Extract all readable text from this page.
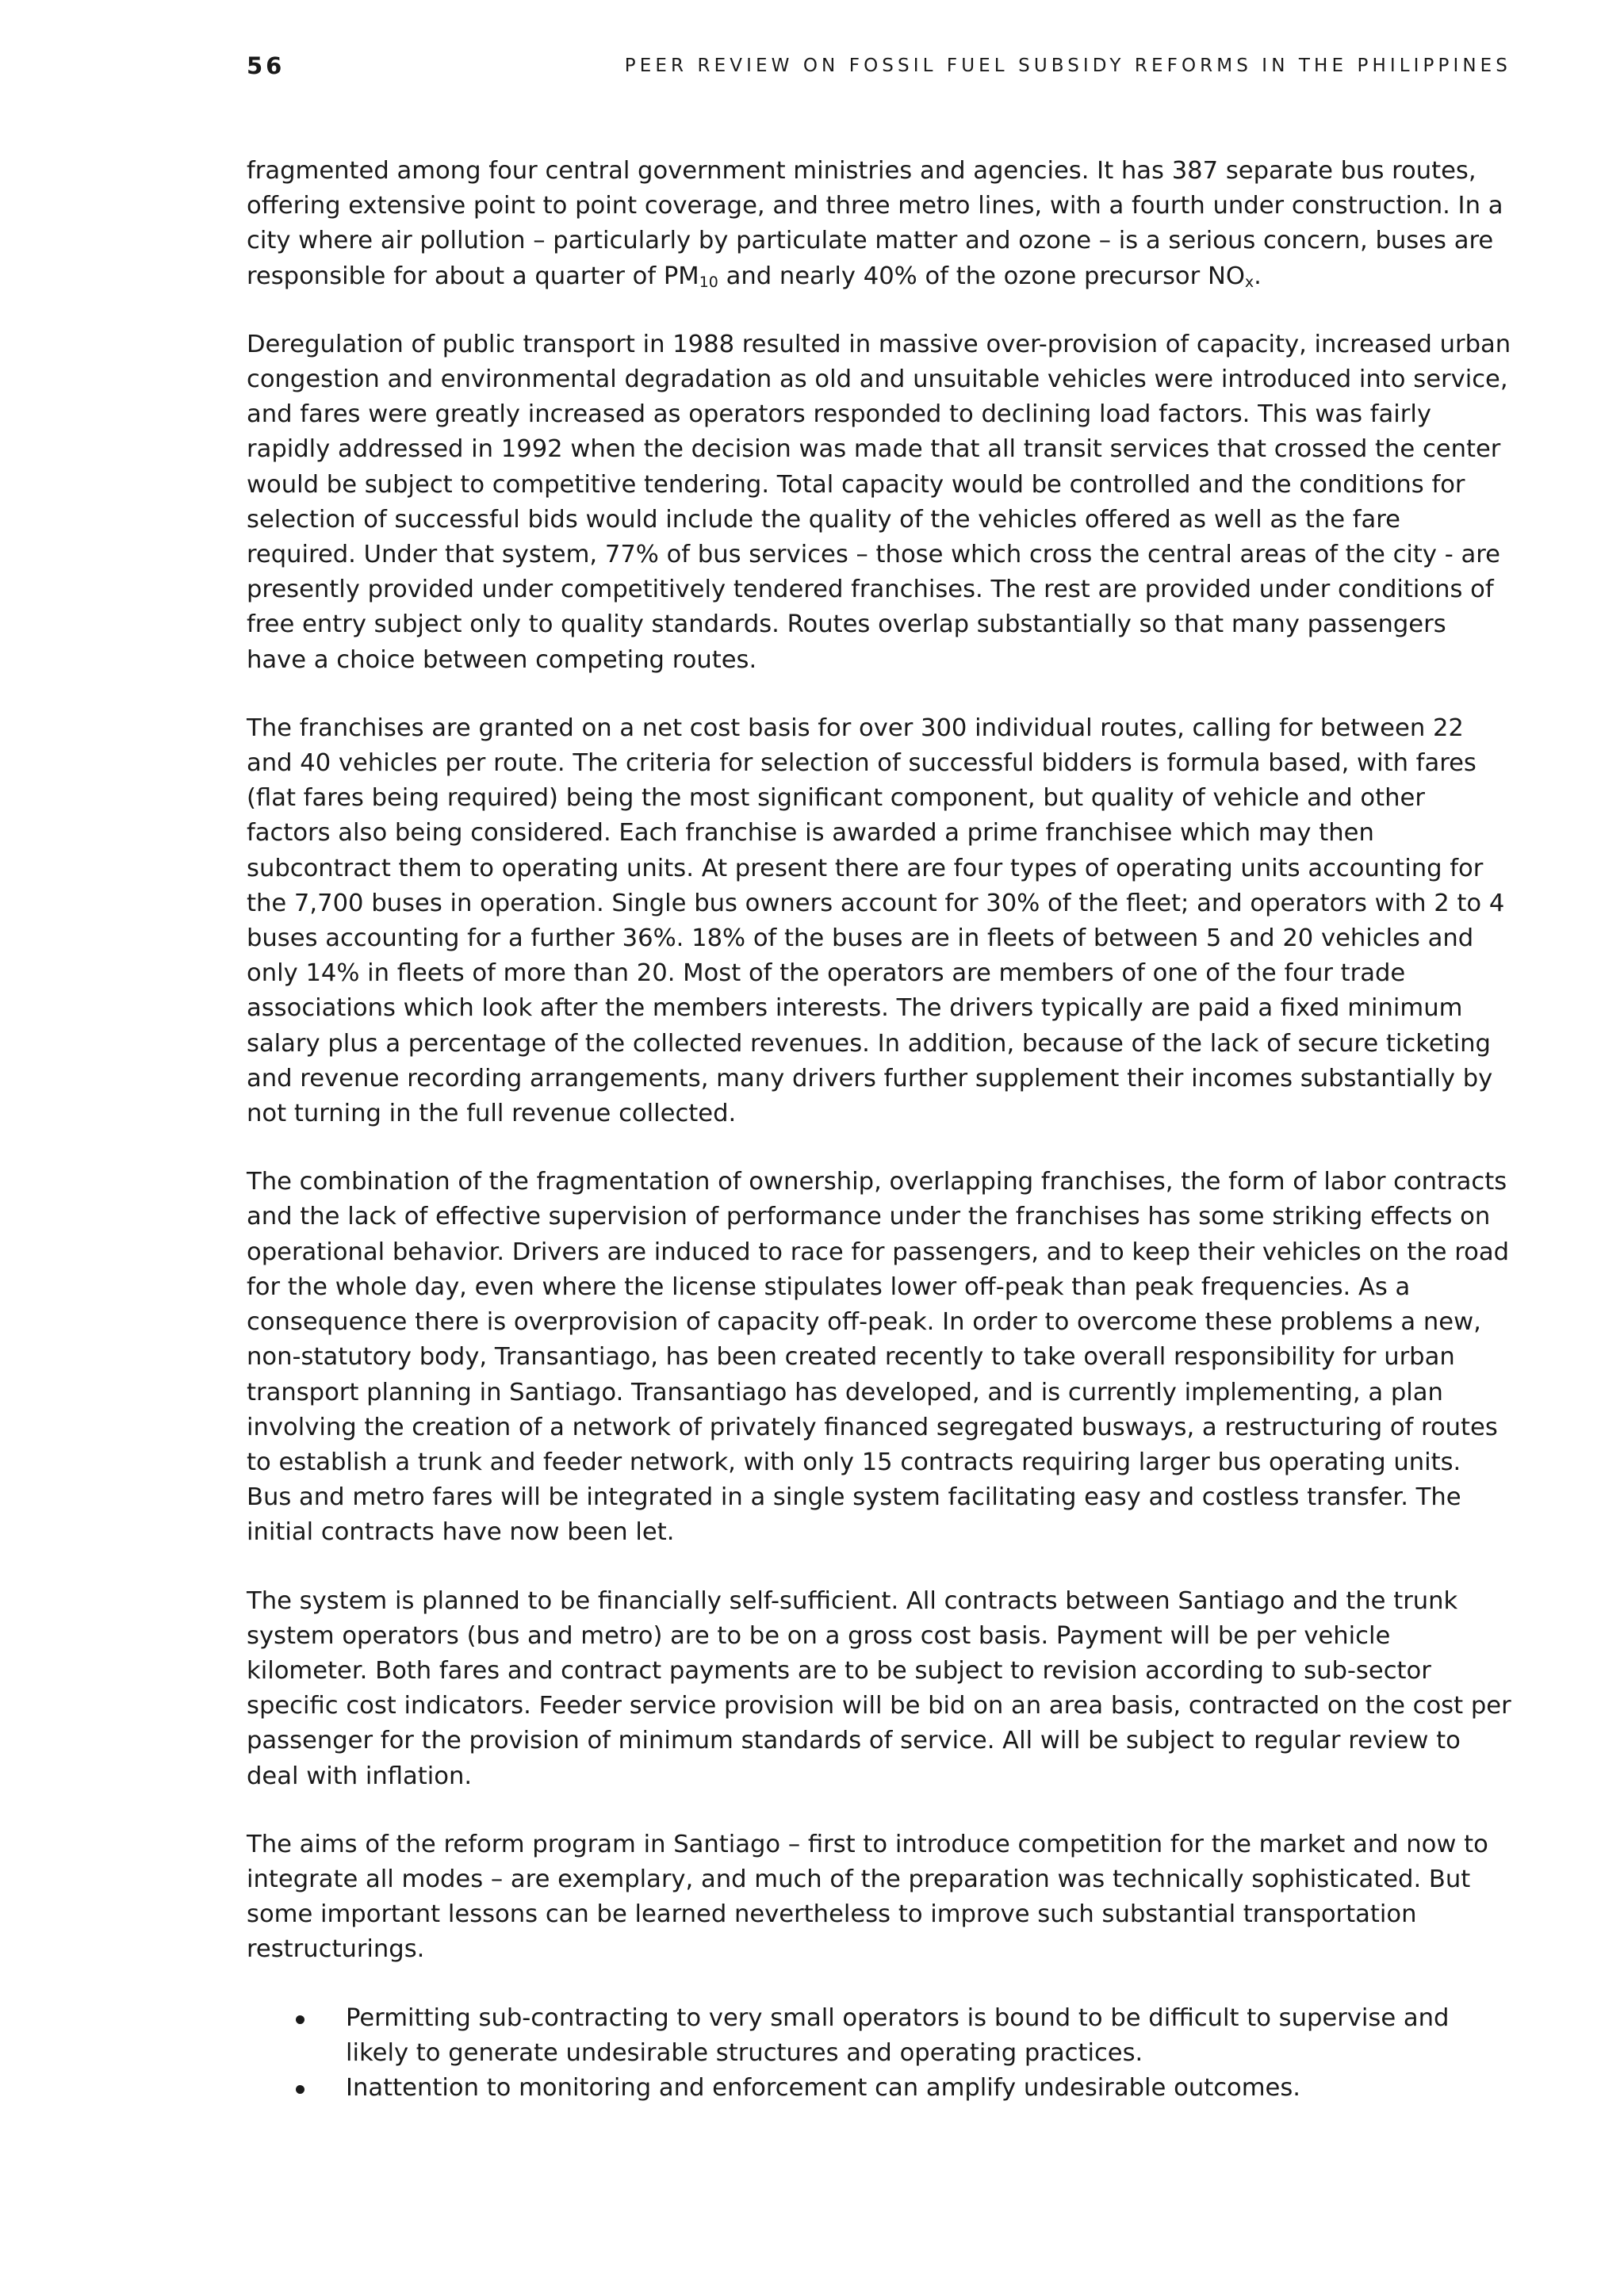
56	PEER REVIEW ON FOSSIL FUEL SUBSIDY REFORMS IN THE PHILIPPINES

fragmented among four central government ministries and agencies. It has 387 separate bus routes, offering extensive point to point coverage, and three metro lines, with a fourth under construction. In a city where air pollution – particularly by particulate matter and ozone – is a serious concern, buses are responsible for about a quarter of $PM_{10}$ and nearly 40% of the ozone precursor $NO_x$.

Deregulation of public transport in 1988 resulted in massive over-provision of capacity, increased urban congestion and environmental degradation as old and unsuitable vehicles were introduced into service, and fares were greatly increased as operators responded to declining load factors. This was fairly rapidly addressed in 1992 when the decision was made that all transit services that crossed the center would be subject to competitive tendering. Total capacity would be controlled and the conditions for selection of successful bids would include the quality of the vehicles offered as well as the fare required. Under that system, 77% of bus services – those which cross the central areas of the city - are presently provided under competitively tendered franchises. The rest are provided under conditions of free entry subject only to quality standards. Routes overlap substantially so that many passengers have a choice between competing routes.

The franchises are granted on a net cost basis for over 300 individual routes, calling for between 22 and 40 vehicles per route. The criteria for selection of successful bidders is formula based, with fares (flat fares being required) being the most significant component, but quality of vehicle and other factors also being considered. Each franchise is awarded a prime franchisee which may then subcontract them to operating units. At present there are four types of operating units accounting for the 7,700 buses in operation. Single bus owners account for 30% of the fleet; and operators with 2 to 4 buses accounting for a further 36%. 18% of the buses are in fleets of between 5 and 20 vehicles and only 14% in fleets of more than 20. Most of the operators are members of one of the four trade associations which look after the members interests. The drivers typically are paid a fixed minimum salary plus a percentage of the collected revenues. In addition, because of the lack of secure ticketing and revenue recording arrangements, many drivers further supplement their incomes substantially by not turning in the full revenue collected.

The combination of the fragmentation of ownership, overlapping franchises, the form of labor contracts and the lack of effective supervision of performance under the franchises has some striking effects on operational behavior. Drivers are induced to race for passengers, and to keep their vehicles on the road for the whole day, even where the license stipulates lower off-peak than peak frequencies. As a consequence there is overprovision of capacity off-peak. In order to overcome these problems a new, non-statutory body, Transantiago, has been created recently to take overall responsibility for urban transport planning in Santiago. Transantiago has developed, and is currently implementing, a plan involving the creation of a network of privately financed segregated busways, a restructuring of routes to establish a trunk and feeder network, with only 15 contracts requiring larger bus operating units. Bus and metro fares will be integrated in a single system facilitating easy and costless transfer. The initial contracts have now been let.

The system is planned to be financially self-sufficient. All contracts between Santiago and the trunk system operators (bus and metro) are to be on a gross cost basis. Payment will be per vehicle kilometer. Both fares and contract payments are to be subject to revision according to sub-sector specific cost indicators. Feeder service provision will be bid on an area basis, contracted on the cost per passenger for the provision of minimum standards of service. All will be subject to regular review to deal with inflation.

The aims of the reform program in Santiago – first to introduce competition for the market and now to integrate all modes – are exemplary, and much of the preparation was technically sophisticated. But some important lessons can be learned nevertheless to improve such substantial transportation restructurings.

Permitting sub-contracting to very small operators is bound to be difficult to supervise and likely to generate undesirable structures and operating practices.
Inattention to monitoring and enforcement can amplify undesirable outcomes.
